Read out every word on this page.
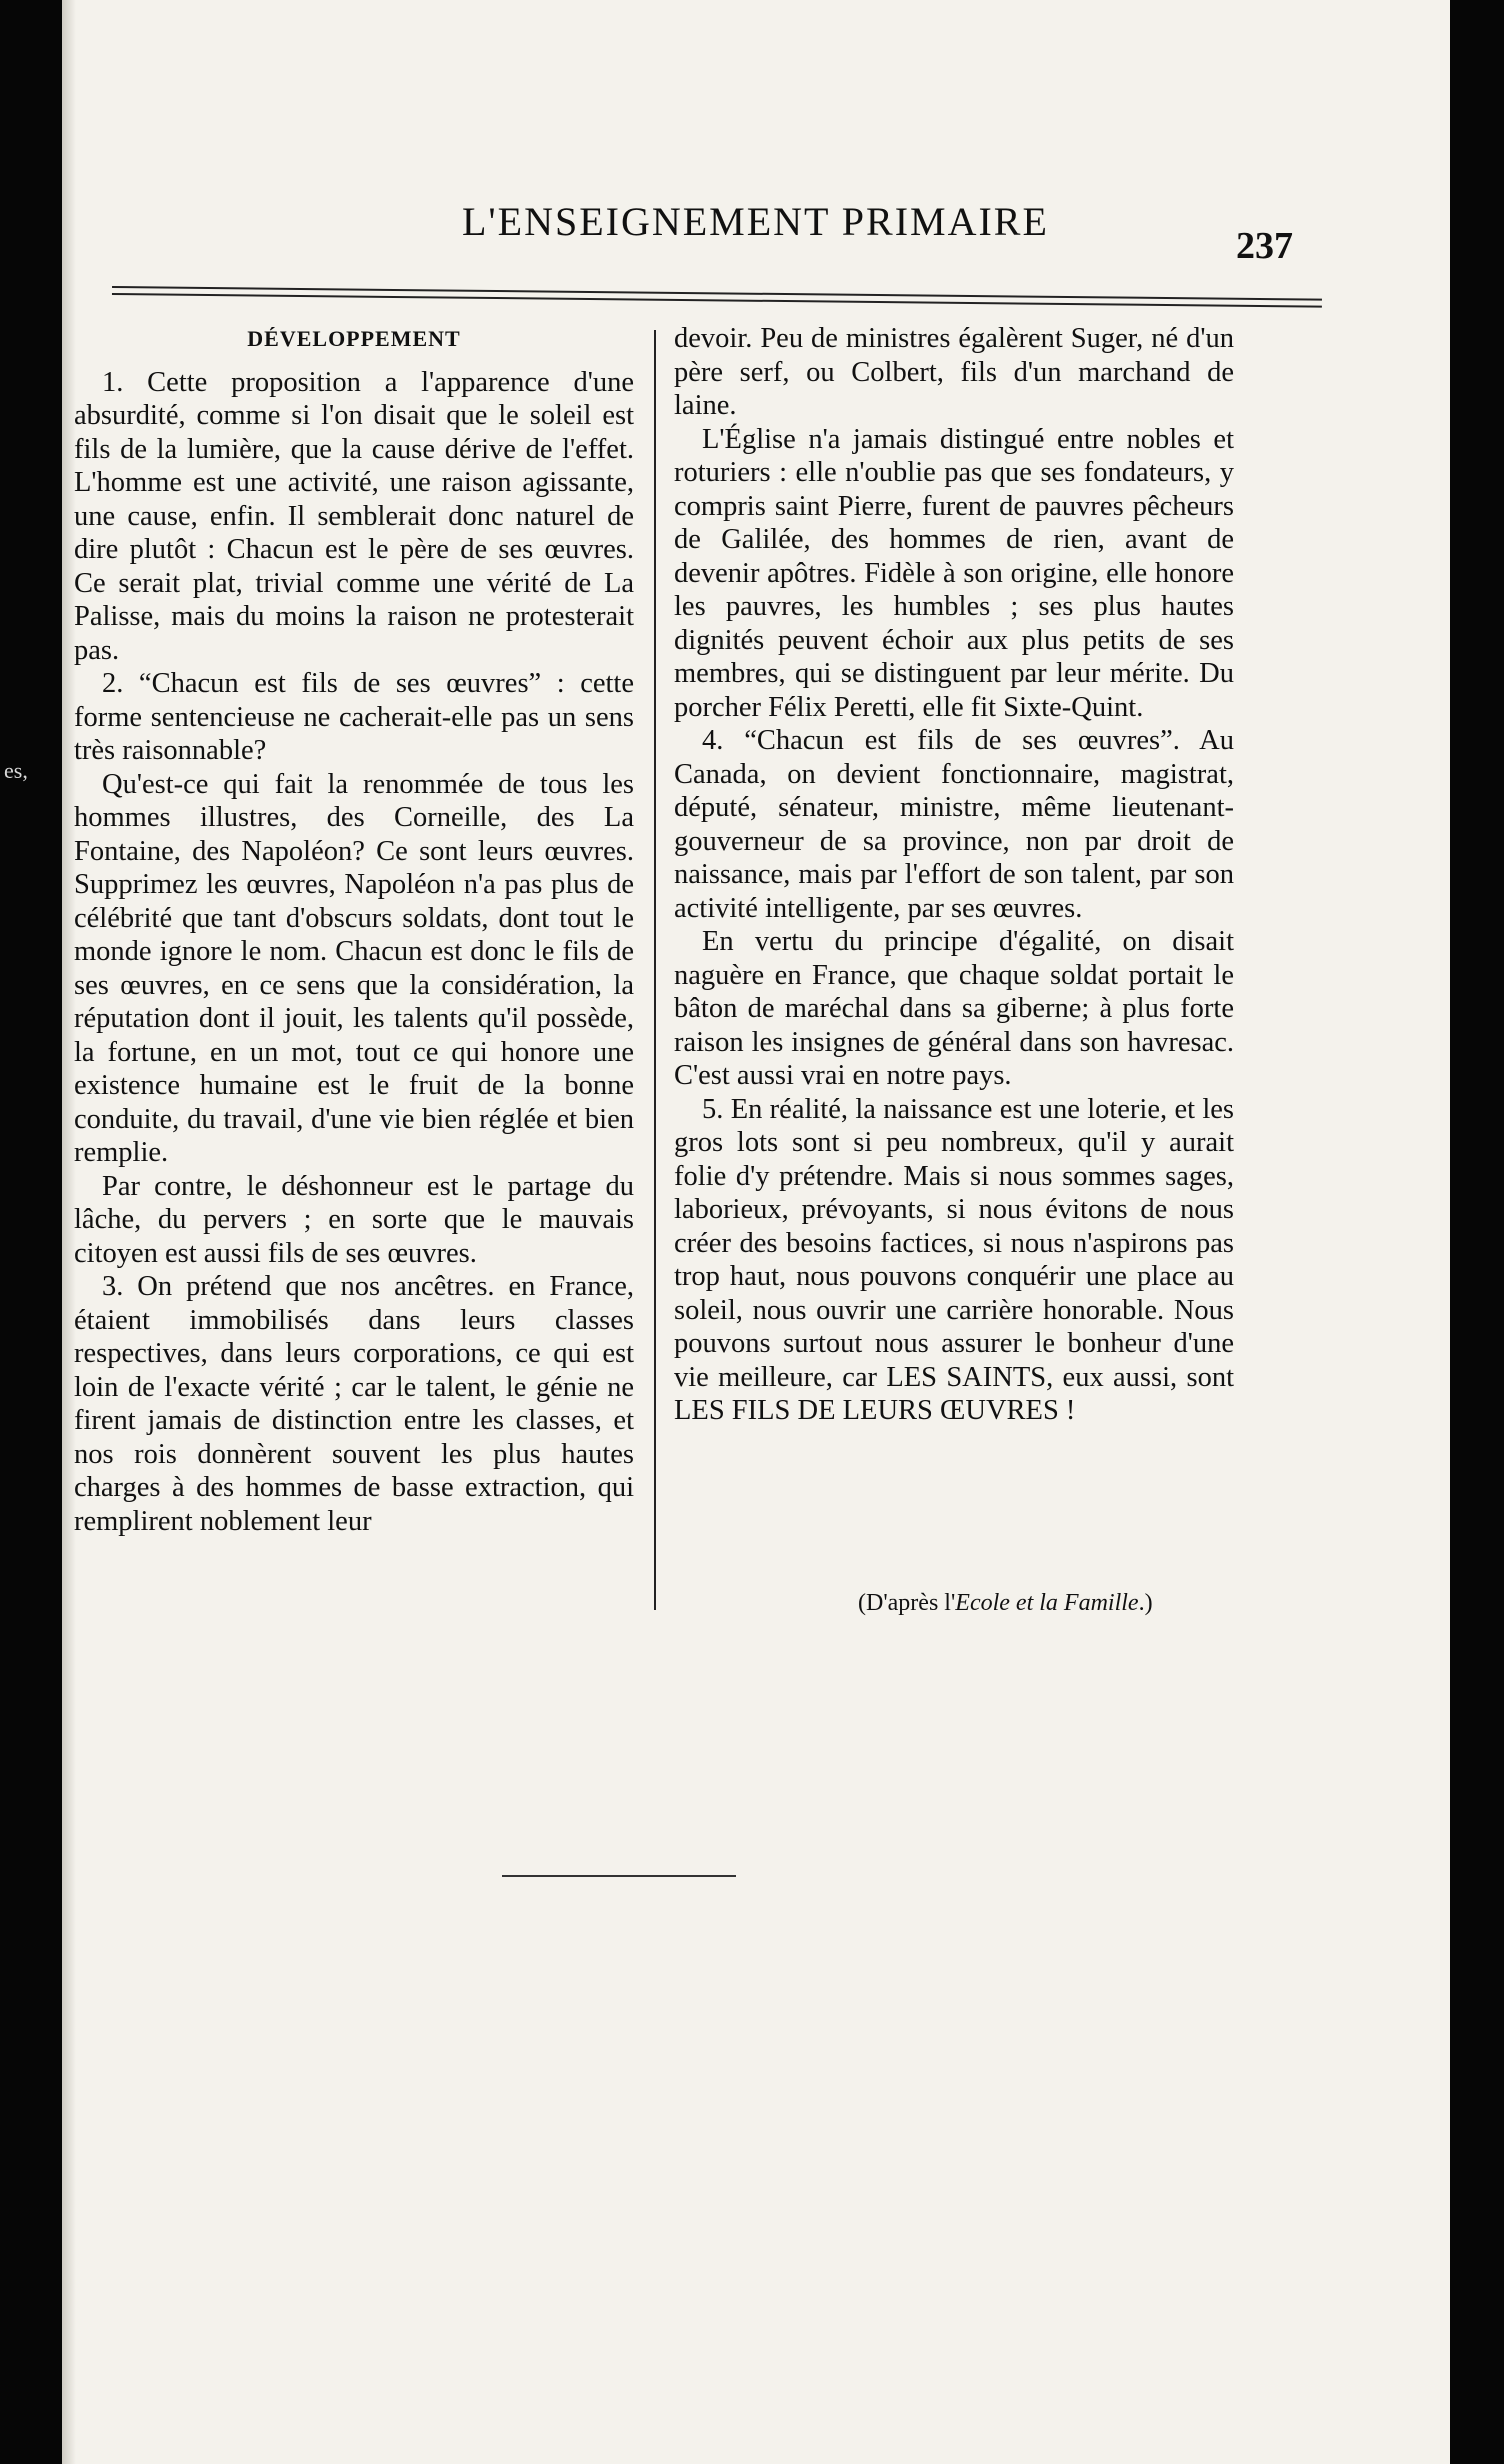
L'ENSEIGNEMENT PRIMAIRE
237
DÉVELOPPEMENT

1. Cette proposition a l'apparence d'une absurdité, comme si l'on disait que le soleil est fils de la lumière, que la cause dérive de l'effet. L'homme est une activité, une raison agissante, une cause, enfin. Il semblerait donc naturel de dire plutôt : Chacun est le père de ses œuvres. Ce serait plat, trivial comme une vérité de La Palisse, mais du moins la raison ne protesterait pas.

2. “Chacun est fils de ses œuvres” : cette forme sentencieuse ne cacherait-elle pas un sens très raisonnable?

Qu'est-ce qui fait la renommée de tous les hommes illustres, des Corneille, des La Fontaine, des Napoléon? Ce sont leurs œuvres. Supprimez les œuvres, Napoléon n'a pas plus de célébrité que tant d'obscurs soldats, dont tout le monde ignore le nom. Chacun est donc le fils de ses œuvres, en ce sens que la considération, la réputation dont il jouit, les talents qu'il possède, la fortune, en un mot, tout ce qui honore une existence humaine est le fruit de la bonne conduite, du travail, d'une vie bien réglée et bien remplie.

Par contre, le déshonneur est le partage du lâche, du pervers ; en sorte que le mauvais citoyen est aussi fils de ses œuvres.

3. On prétend que nos ancêtres. en France, étaient immobilisés dans leurs classes respectives, dans leurs corporations, ce qui est loin de l'exacte vérité ; car le talent, le génie ne firent jamais de distinction entre les classes, et nos rois donnèrent souvent les plus hautes charges à des hommes de basse extraction, qui remplirent noblement leur

devoir. Peu de ministres égalèrent Suger, né d'un père serf, ou Colbert, fils d'un marchand de laine.

L'Église n'a jamais distingué entre nobles et roturiers : elle n'oublie pas que ses fondateurs, y compris saint Pierre, furent de pauvres pêcheurs de Galilée, des hommes de rien, avant de devenir apôtres. Fidèle à son origine, elle honore les pauvres, les humbles ; ses plus hautes dignités peuvent échoir aux plus petits de ses membres, qui se distinguent par leur mérite. Du porcher Félix Peretti, elle fit Sixte-Quint.

4. “Chacun est fils de ses œuvres”. Au Canada, on devient fonctionnaire, magistrat, député, sénateur, ministre, même lieutenant-gouverneur de sa province, non par droit de naissance, mais par l'effort de son talent, par son activité intelligente, par ses œuvres.

En vertu du principe d'égalité, on disait naguère en France, que chaque soldat portait le bâton de maréchal dans sa giberne; à plus forte raison les insignes de général dans son havresac. C'est aussi vrai en notre pays.

5. En réalité, la naissance est une loterie, et les gros lots sont si peu nombreux, qu'il y aurait folie d'y prétendre. Mais si nous sommes sages, laborieux, prévoyants, si nous évitons de nous créer des besoins factices, si nous n'aspirons pas trop haut, nous pouvons conquérir une place au soleil, nous ouvrir une carrière honorable. Nous pouvons surtout nous assurer le bonheur d'une vie meilleure, car LES SAINTS, eux aussi, sont LES FILS DE LEURS ŒUVRES !

(D'après l'Ecole et la Famille.)
es,
